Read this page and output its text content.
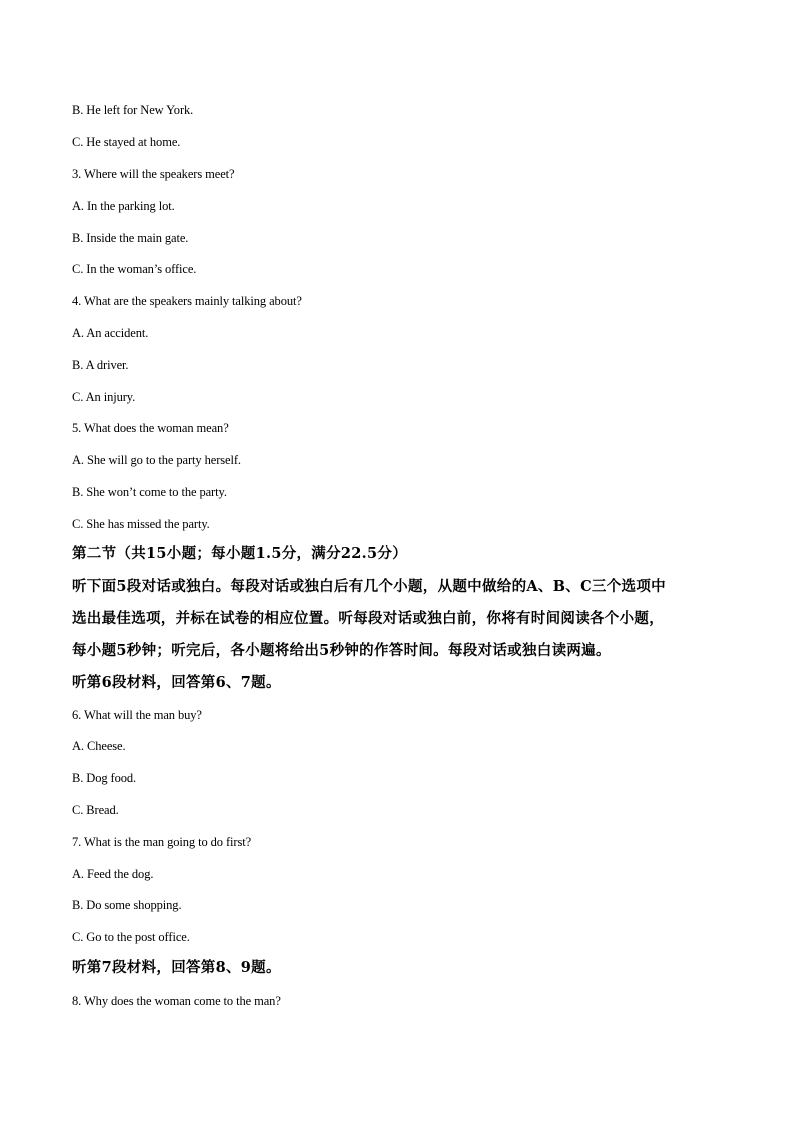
B. He left for New York.
C. He stayed at home.
3. Where will the speakers meet?
A. In the parking lot.
B. Inside the main gate.
C. In the woman’s office.
4. What are the speakers mainly talking about?
A. An accident.
B. A driver.
C. An injury.
5. What does the woman mean?
A. She will go to the party herself.
B. She won’t come to the party.
C. She has missed the party.
第二节（共15小题；每小题1.5分，满分22.5分）
听下面5段对话或独白。每段对话或独白后有几个小题，从题中做给的A、B、C三个选项中
选出最佳选项，并标在试卷的相应位置。听每段对话或独白前，你将有时间阅读各个小题，
每小题5秒钟；听完后，各小题将给出5秒钟的作答时间。每段对话或独白读两遍。
听第6段材料，回答第6、7题。
6. What will the man buy?
A. Cheese.
B. Dog food.
C. Bread.
7. What is the man going to do first?
A. Feed the dog.
B. Do some shopping.
C. Go to the post office.
听第7段材料，回答第8、9题。
8. Why does the woman come to the man?
